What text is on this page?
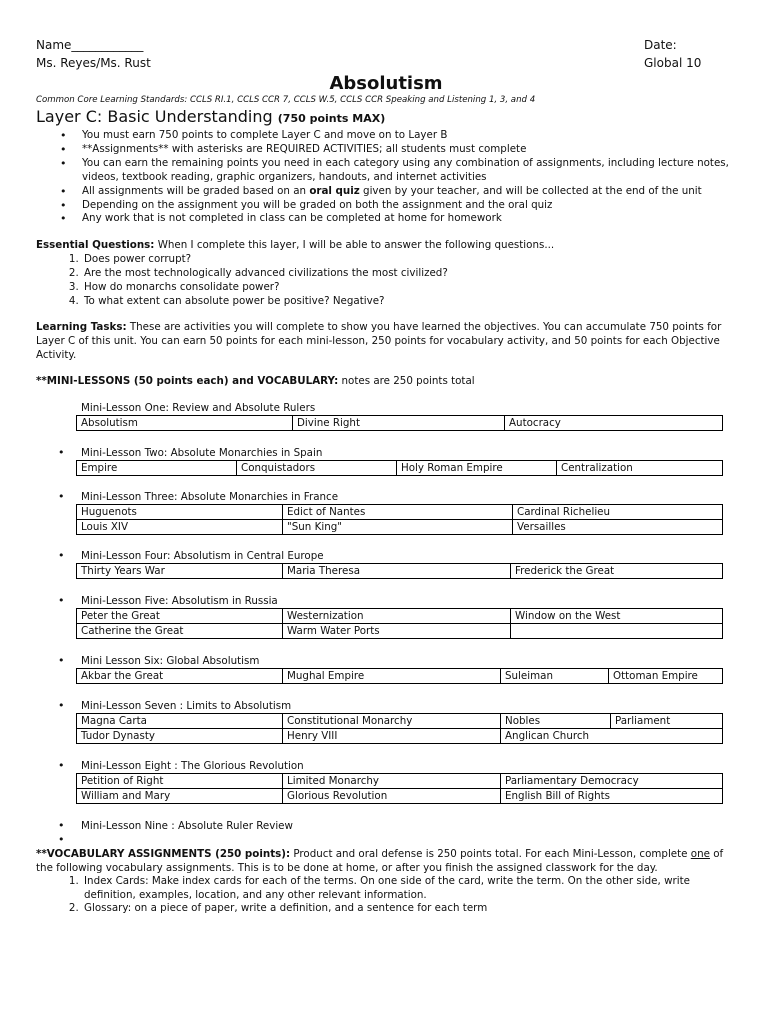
Name____________	Date:
Ms. Reyes/Ms. Rust	Global 10
Absolutism
Common Core Learning Standards: CCLS RI.1, CCLS CCR 7, CCLS W.5, CCLS CCR Speaking and Listening 1, 3, and 4
Layer C: Basic Understanding (750 points MAX)
• You must earn 750 points to complete Layer C and move on to Layer B
• **Assignments** with asterisks are REQUIRED ACTIVITIES; all students must complete
• You can earn the remaining points you need in each category using any combination of assignments, including lecture notes, videos, textbook reading, graphic organizers, handouts, and internet activities
• All assignments will be graded based on an oral quiz given by your teacher, and will be collected at the end of the unit
• Depending on the assignment you will be graded on both the assignment and the oral quiz
• Any work that is not completed in class can be completed at home for homework
Essential Questions: When I complete this layer, I will be able to answer the following questions...
1. Does power corrupt?
2. Are the most technologically advanced civilizations the most civilized?
3. How do monarchs consolidate power?
4. To what extent can absolute power be positive? Negative?
Learning Tasks: These are activities you will complete to show you have learned the objectives. You can accumulate 750 points for Layer C of this unit. You can earn 50 points for each mini-lesson, 250 points for vocabulary activity, and 50 points for each Objective Activity.
**MINI-LESSONS (50 points each) and VOCABULARY: notes are 250 points total
Mini-Lesson One: Review and Absolute Rulers
Absolutism	Divine Right	Autocracy
• Mini-Lesson Two: Absolute Monarchies in Spain
Empire	Conquistadors	Holy Roman Empire	Centralization
• Mini-Lesson Three: Absolute Monarchies in France
Huguenots	Edict of Nantes	Cardinal Richelieu
Louis XIV	"Sun King"	Versailles
• Mini-Lesson Four: Absolutism in Central Europe
Thirty Years War	Maria Theresa	Frederick the Great
• Mini-Lesson Five: Absolutism in Russia
Peter the Great	Westernization	Window on the West
Catherine the Great	Warm Water Ports	
• Mini Lesson Six: Global Absolutism
Akbar the Great	Mughal Empire	Suleiman	Ottoman Empire
• Mini-Lesson Seven : Limits to Absolutism
Magna Carta	Constitutional Monarchy	Nobles	Parliament
Tudor Dynasty	Henry VIII	Anglican Church	
• Mini-Lesson Eight : The Glorious Revolution
Petition of Right	Limited Monarchy	Parliamentary Democracy
William and Mary	Glorious Revolution	English Bill of Rights
• Mini-Lesson Nine : Absolute Ruler Review
•
**VOCABULARY ASSIGNMENTS (250 points): Product and oral defense is 250 points total. For each Mini-Lesson, complete one of the following vocabulary assignments. This is to be done at home, or after you finish the assigned classwork for the day.
1. Index Cards: Make index cards for each of the terms. On one side of the card, write the term. On the other side, write definition, examples, location, and any other relevant information.
2. Glossary: on a piece of paper, write a definition, and a sentence for each term
